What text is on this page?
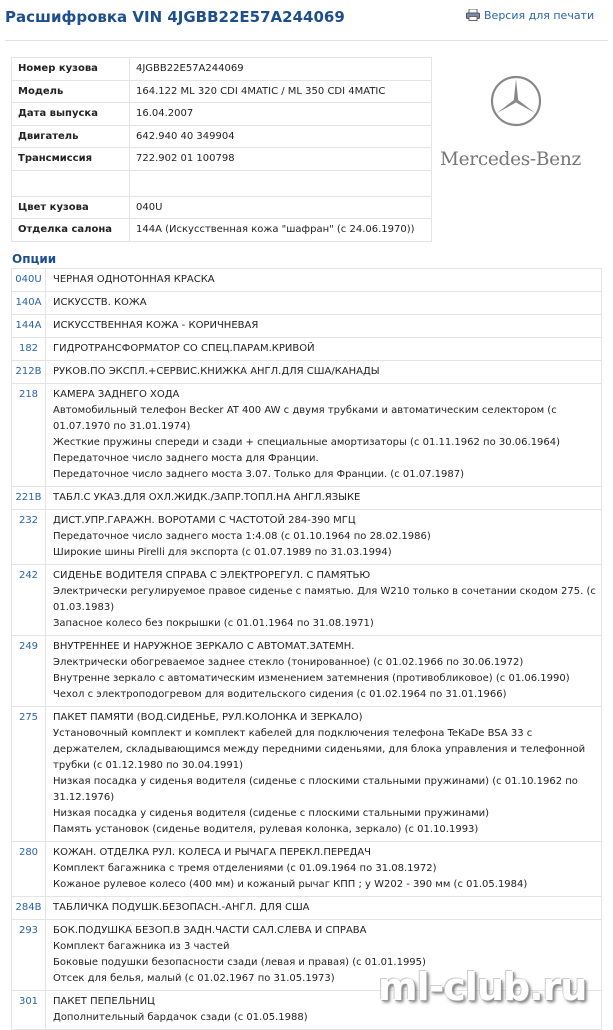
Расшифровка VIN 4JGBB22E57A244069	Версия для печати
Номер кузова	4JGBB22E57A244069
Модель	164.122 ML 320 CDI 4MATIC / ML 350 CDI 4MATIC
Дата выпуска	16.04.2007
Двигатель	642.940 40 349904
Трансмиссия	722.902 01 100798

Цвет кузова	040U
Отделка салона	144A (Искусственная кожа "шафран" (с 24.06.1970))
Mercedes-Benz
Опции
040U	ЧЕРНАЯ ОДНОТОННАЯ КРАСКА

140A	ИСКУССТВ. КОЖА

144A	ИСКУССТВЕННАЯ КОЖА - КОРИЧНЕВАЯ

182	ГИДРОТРАНСФОРМАТОР СО СПЕЦ.ПАРАМ.КРИВОЙ

212B	РУКОВ.ПО ЭКСПЛ.+СЕРВИС.КНИЖКА АНГЛ.ДЛЯ США/КАНАДЫ

218	КАМЕРА ЗАДНЕГО ХОДА
Автомобильный телефон Becker AT 400 AW с двумя трубками и автоматическим селектором (с 01.07.1970 по 31.01.1974)
Жесткие пружины спереди и сзади + специальные амортизаторы (с 01.11.1962 по 30.06.1964)
Передаточное число заднего моста для Франции.
Передаточное число заднего моста 3.07. Только для Франции. (с 01.07.1987)

221B	ТАБЛ.С УКАЗ.ДЛЯ ОХЛ.ЖИДК./ЗАПР.ТОПЛ.НА АНГЛ.ЯЗЫКЕ

232	ДИСТ.УПР.ГАРАЖН. ВОРОТАМИ С ЧАСТОТОЙ 284-390 МГЦ
Передаточное число заднего моста 1:4.08 (с 01.10.1964 по 28.02.1986)
Широкие шины Pirelli для экспорта (с 01.07.1989 по 31.03.1994)

242	СИДЕНЬЕ ВОДИТЕЛЯ СПРАВА С ЭЛЕКТРОРЕГУЛ. С ПАМЯТЬЮ
Электрически регулируемое правое сиденье с памятью. Для W210 только в сочетании скодом 275. (с 01.03.1983)
Запасное колесо без покрышки (с 01.01.1964 по 31.08.1971)

249	ВНУТРЕННЕЕ И НАРУЖНОЕ ЗЕРКАЛО С АВТОМАТ.ЗАТЕМН.
Электрически обогреваемое заднее стекло (тонированное) (с 01.02.1966 по 30.06.1972)
Внутренне зеркало с автоматическим изменением затемнения (противобликовое) (с 01.06.1990)
Чехол с электроподогревом для водительского сидения (с 01.02.1964 по 31.01.1966)

275	ПАКЕТ ПАМЯТИ (ВОД.СИДЕНЬЕ, РУЛ.КОЛОНКА И ЗЕРКАЛО)
Установочный комплект и комплект кабелей для подключения телефона TeKaDe BSA 33 с держателем, складывающимся между передними сиденьями, для блока управления и телефонной трубки (с 01.12.1980 по 30.04.1991)
Низкая посадка у сиденья водителя (сиденье с плоскими стальными пружинами) (с 01.10.1962 по 31.12.1976)
Низкая посадка у сиденья водителя (сиденье с плоскими стальными пружинами)
Память установок (сиденье водителя, рулевая колонка, зеркало) (с 01.10.1993)

280	КОЖАН. ОТДЕЛКА РУЛ. КОЛЕСА И РЫЧАГА ПЕРЕКЛ.ПЕРЕДАЧ
Комплект багажника с тремя отделениями (с 01.09.1964 по 31.08.1972)
Кожаное рулевое колесо (400 мм) и кожаный рычаг КПП ; у W202 - 390 мм (с 01.05.1984)

284B	ТАБЛИЧКА ПОДУШК.БЕЗОПАСН.-АНГЛ. ДЛЯ США

293	БОК.ПОДУШКА БЕЗОП.В ЗАДН.ЧАСТИ САЛ.СЛЕВА И СПРАВА
Комплект багажника из 3 частей
Боковые подушки безопасности сзади (левая и правая) (с 01.01.1995)
Отсек для белья, малый (с 01.02.1967 по 31.05.1973)

301	ПАКЕТ ПЕПЕЛЬНИЦ
Дополнительный бардачок сзади (с 01.05.1988)
ml-club.ru
